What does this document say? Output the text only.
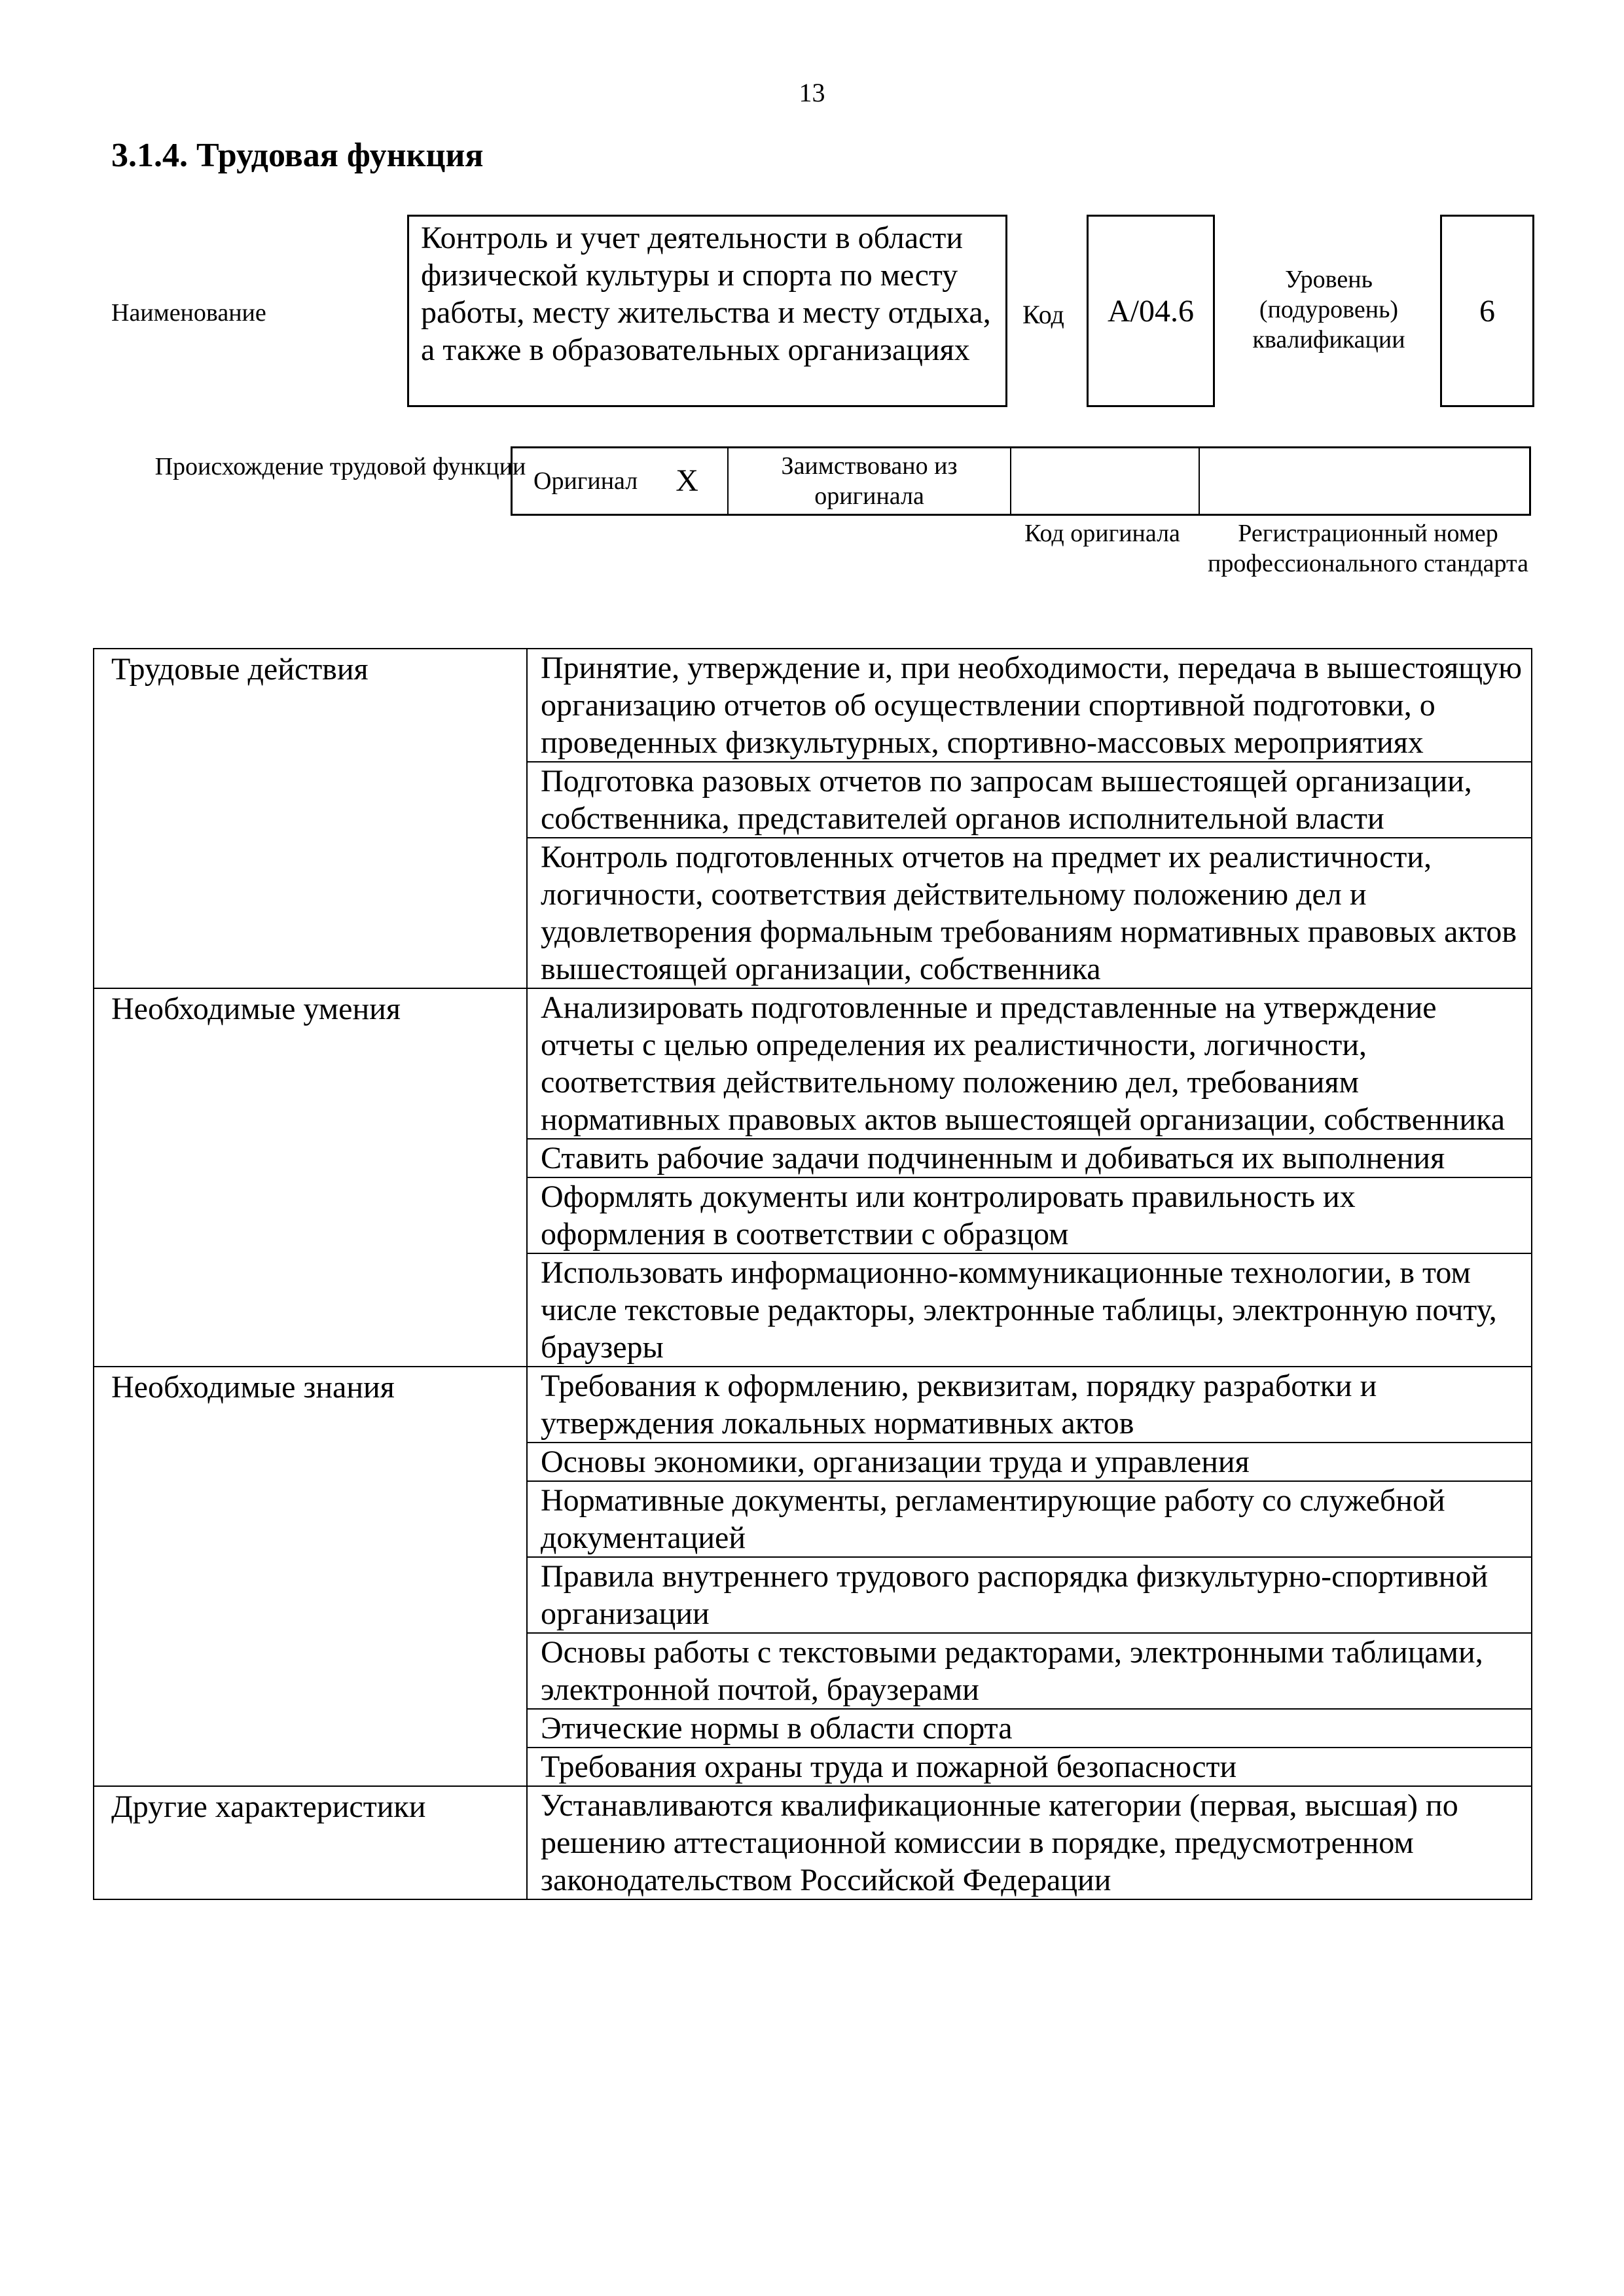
13
3.1.4. Трудовая функция
Наименование
Контроль и учет деятельности в области физической культуры и спорта по месту работы, месту жительства и месту отдыха, а также в образовательных организациях
Код A/04.6
Уровень (подуровень) квалификации
6
Происхождение трудовой функции
Оригинал X	Заимствовано из оригинала
Код оригинала	Регистрационный номер профессионального стандарта
Трудовые действия	Принятие, утверждение и, при необходимости, передача в вышестоящую организацию отчетов об осуществлении спортивной подготовки, о проведенных физкультурных, спортивно-массовых мероприятиях
	Подготовка разовых отчетов по запросам вышестоящей организации, собственника, представителей органов исполнительной власти
	Контроль подготовленных отчетов на предмет их реалистичности, логичности, соответствия действительному положению дел и удовлетворения формальным требованиям нормативных правовых актов вышестоящей организации, собственника

Необходимые умения	Анализировать подготовленные и представленные на утверждение отчеты с целью определения их реалистичности, логичности, соответствия действительному положению дел, требованиям нормативных правовых актов вышестоящей организации, собственника
	Ставить рабочие задачи подчиненным и добиваться их выполнения
	Оформлять документы или контролировать правильность их оформления в соответствии с образцом
	Использовать информационно-коммуникационные технологии, в том числе текстовые редакторы, электронные таблицы, электронную почту, браузеры

Необходимые знания	Требования к оформлению, реквизитам, порядку разработки и утверждения локальных нормативных актов
	Основы экономики, организации труда и управления
	Нормативные документы, регламентирующие работу со служебной документацией
	Правила внутреннего трудового распорядка физкультурно-спортивной организации
	Основы работы с текстовыми редакторами, электронными таблицами, электронной почтой, браузерами
	Этические нормы в области спорта
	Требования охраны труда и пожарной безопасности

Другие характеристики	Устанавливаются квалификационные категории (первая, высшая) по решению аттестационной комиссии в порядке, предусмотренном законодательством Российской Федерации
